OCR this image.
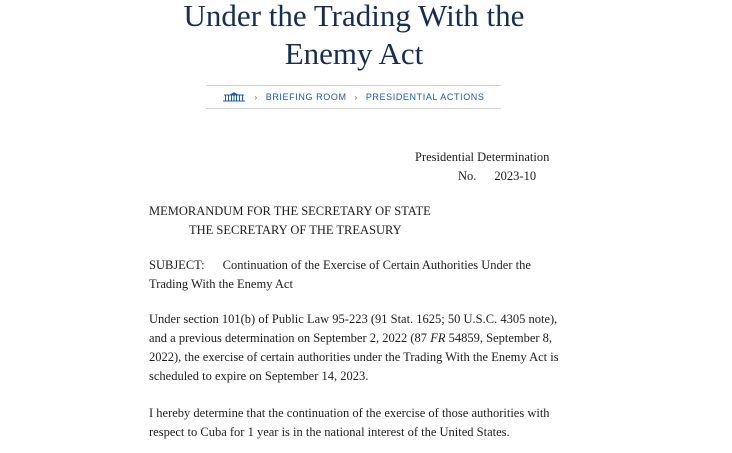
Under the Trading With the
Enemy Act
› BRIEFING ROOM › PRESIDENTIAL ACTIONS

Presidential Determination

No. 2023-10

MEMORANDUM FOR THE SECRETARY OF STATE

THE SECRETARY OF THE TREASURY

SUBJECT: Continuation of the Exercise of Certain Authorities Under the Trading With the Enemy Act

Under section 101(b) of Public Law 95-223 (91 Stat. 1625; 50 U.S.C. 4305 note), and a previous determination on September 2, 2022 (87 FR 54859, September 8, 2022), the exercise of certain authorities under the Trading With the Enemy Act is scheduled to expire on September 14, 2023.

I hereby determine that the continuation of the exercise of those authorities with respect to Cuba for 1 year is in the national interest of the United States.
